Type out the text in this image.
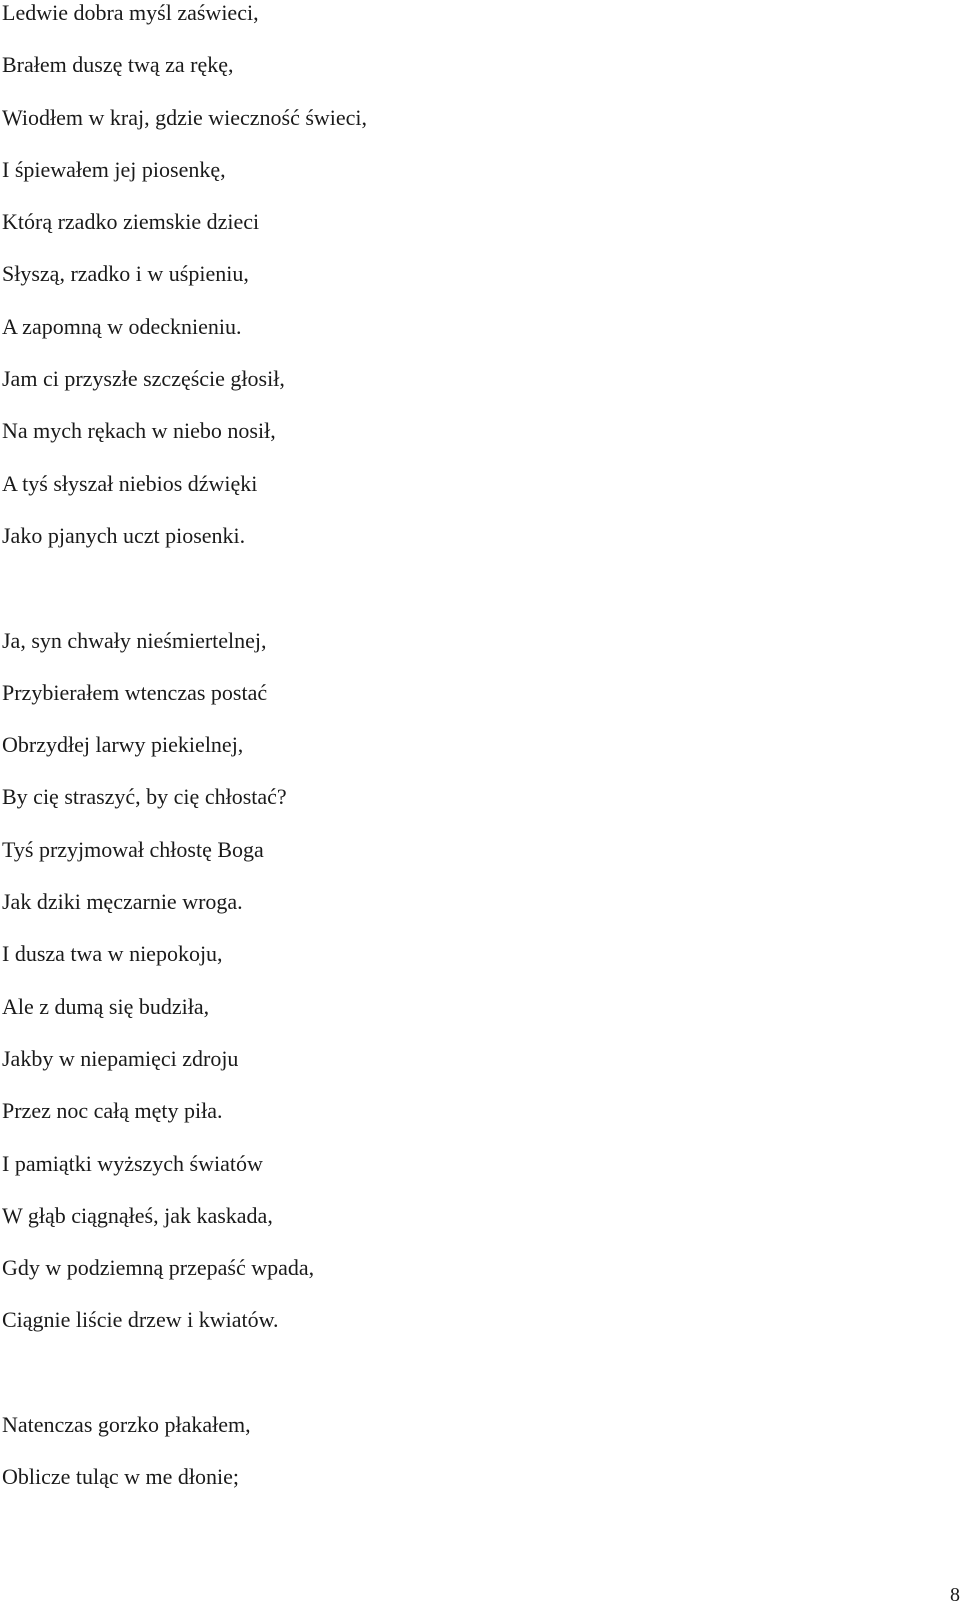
Ledwie dobra myśl zaświeci,
Brałem duszę twą za rękę,
Wiodłem w kraj, gdzie wieczność świeci,
I śpiewałem jej piosenkę,
Którą rzadko ziemskie dzieci
Słyszą, rzadko i w uśpieniu,
A zapomną w odecknieniu.
Jam ci przyszłe szczęście głosił,
Na mych rękach w niebo nosił,
A tyś słyszał niebios dźwięki
Jako pjanych uczt piosenki.
Ja, syn chwały nieśmiertelnej,
Przybierałem wtenczas postać
Obrzydłej larwy piekielnej,
By cię straszyć, by cię chłostać?
Tyś przyjmował chłostę Boga
Jak dziki męczarnie wroga.
I dusza twa w niepokoju,
Ale z dumą się budziła,
Jakby w niepamięci zdroju
Przez noc całą męty piła.
I pamiątki wyższych światów
W głąb ciągnąłeś, jak kaskada,
Gdy w podziemną przepaść wpada,
Ciągnie liście drzew i kwiatów.
Natenczas gorzko płakałem,
Oblicze tuląc w me dłonie;
8
